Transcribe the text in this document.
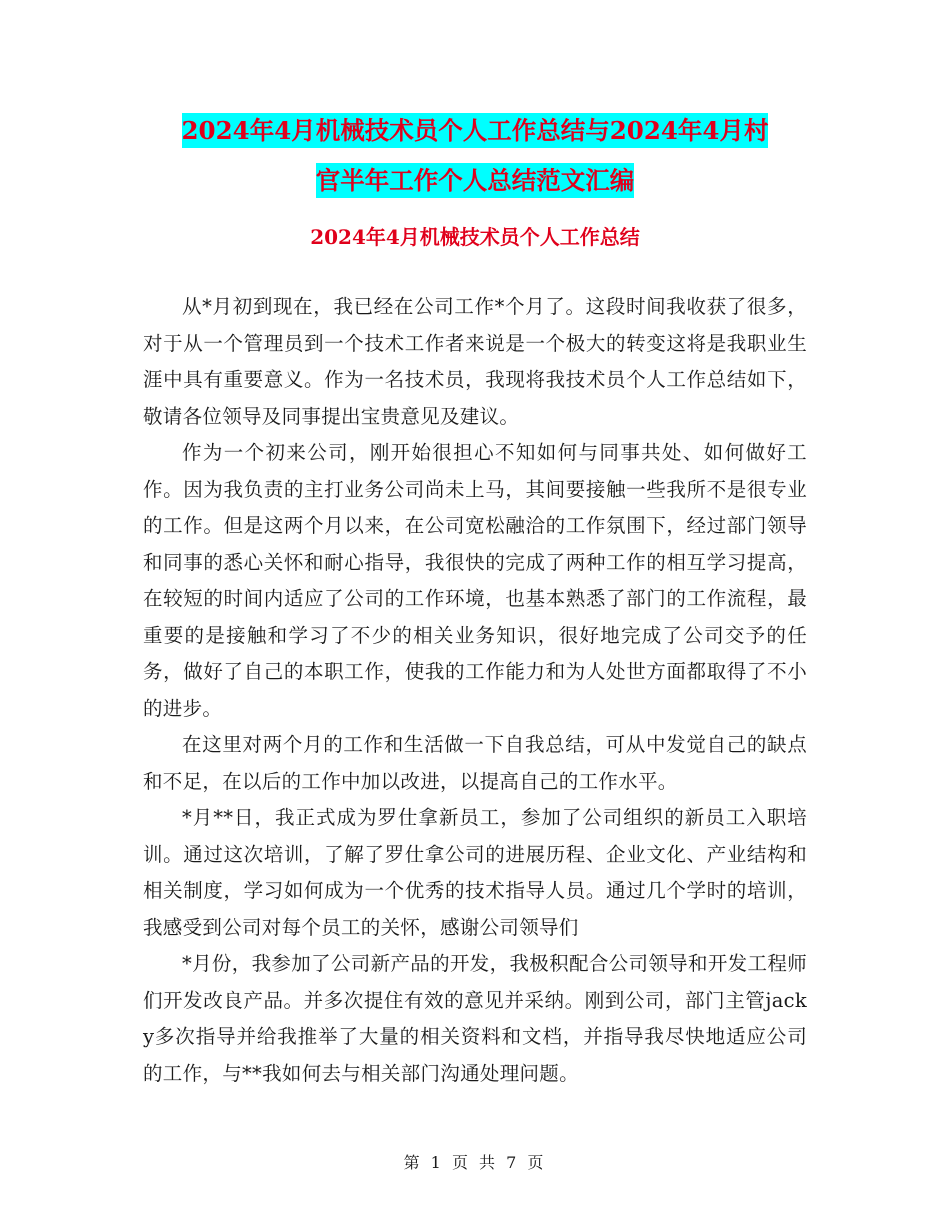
2024年4月机械技术员个人工作总结与2024年4月村
官半年工作个人总结范文汇编
2024年4月机械技术员个人工作总结

从*月初到现在，我已经在公司工作*个月了。这段时间我收获了很多，对于从一个管理员到一个技术工作者来说是一个极大的转变这将是我职业生涯中具有重要意义。作为一名技术员，我现将我技术员个人工作总结如下，敬请各位领导及同事提出宝贵意见及建议。

作为一个初来公司，刚开始很担心不知如何与同事共处、如何做好工作。因为我负责的主打业务公司尚未上马，其间要接触一些我所不是很专业的工作。但是这两个月以来，在公司宽松融洽的工作氛围下，经过部门领导和同事的悉心关怀和耐心指导，我很快的完成了两种工作的相互学习提高，在较短的时间内适应了公司的工作环境，也基本熟悉了部门的工作流程，最重要的是接触和学习了不少的相关业务知识，很好地完成了公司交予的任务，做好了自己的本职工作，使我的工作能力和为人处世方面都取得了不小的进步。

在这里对两个月的工作和生活做一下自我总结，可从中发觉自己的缺点和不足，在以后的工作中加以改进，以提高自己的工作水平。

*月**日，我正式成为罗仕拿新员工，参加了公司组织的新员工入职培训。通过这次培训，了解了罗仕拿公司的进展历程、企业文化、产业结构和相关制度，学习如何成为一个优秀的技术指导人员。通过几个学时的培训，我感受到公司对每个员工的关怀，感谢公司领导们

*月份，我参加了公司新产品的开发，我极积配合公司领导和开发工程师们开发改良产品。并多次提住有效的意见并采纳。刚到公司，部门主管jacky多次指导并给我推举了大量的相关资料和文档，并指导我尽快地适应公司的工作，与**我如何去与相关部门沟通处理问题。

第 1 页 共 7 页
